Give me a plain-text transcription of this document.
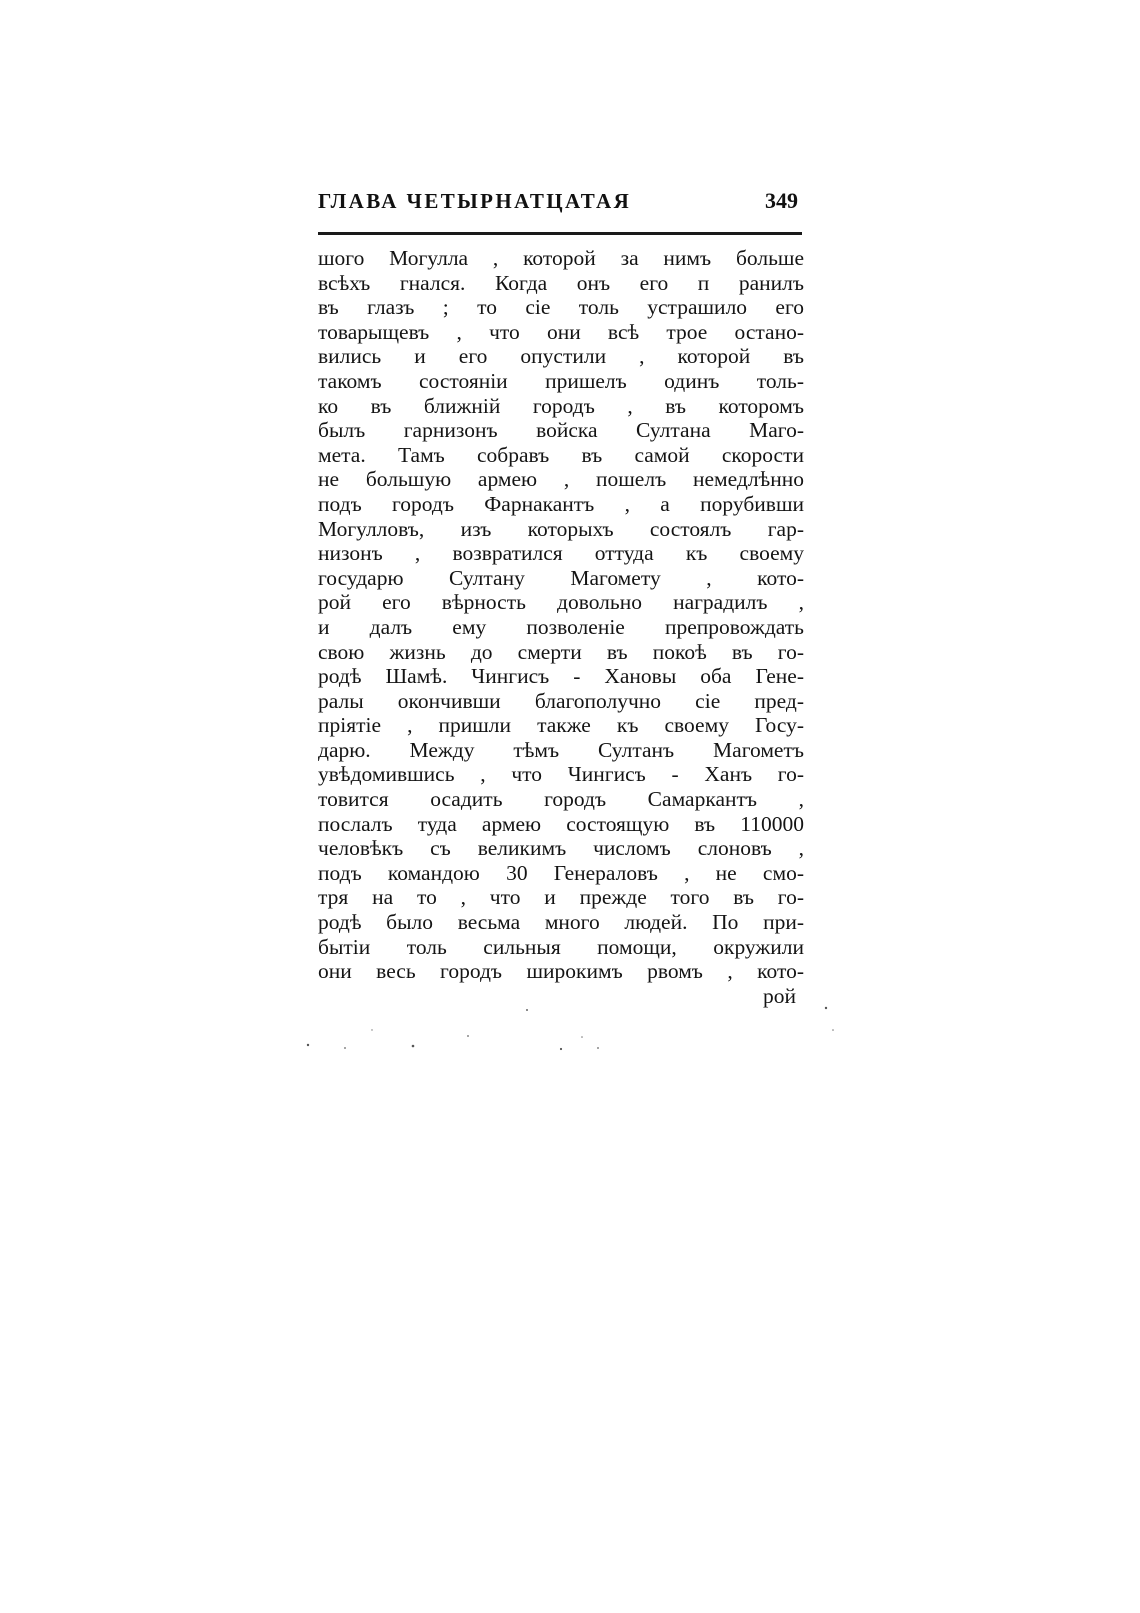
ГЛАВА ЧЕТЫРНАТЦАТАЯ	349
шого Могулла , которой за нимъ больше
всѣхъ гнался. Когда онъ его п ранилъ
въ глазъ ; то сiе толь устрашило его
товарыщевъ , что они всѣ трое остано-
вились и его опустили , которой въ
такомъ состоянiи пришелъ одинъ толь-
ко въ ближнiй городъ , въ которомъ
былъ гарнизонъ войска Султана Маго-
мета. Тамъ собравъ въ самой скорости
не большую армею , пошелъ немедлѣнно
подъ городъ Фарнакантъ , а порубивши
Могулловъ, изъ которыхъ состоялъ гар-
низонъ , возвратился оттуда къ своему
государю Султану Магомету , кото-
рой его вѣрность довольно наградилъ ,
и далъ ему позволенiе препровождать
свою жизнь до смерти въ покоѣ въ го-
родѣ Шамѣ. Чингисъ - Хановы оба Гене-
ралы окончивши благополучно сiе пред-
прiятiе , пришли также къ своему Госу-
дарю. Между тѣмъ Султанъ Магометъ
увѣдомившись , что Чингисъ - Ханъ го-
товится осадить городъ Самаркантъ ,
послалъ туда армею состоящую въ 110000
человѣкъ съ великимъ числомъ слоновъ ,
подъ командою 30 Генераловъ , не смо-
тря на то , что и прежде того въ го-
родѣ было весьма много людей. По при-
бытiи толь сильныя помощи, окружили
они весь городъ широкимъ рвомъ , кото-
рой
